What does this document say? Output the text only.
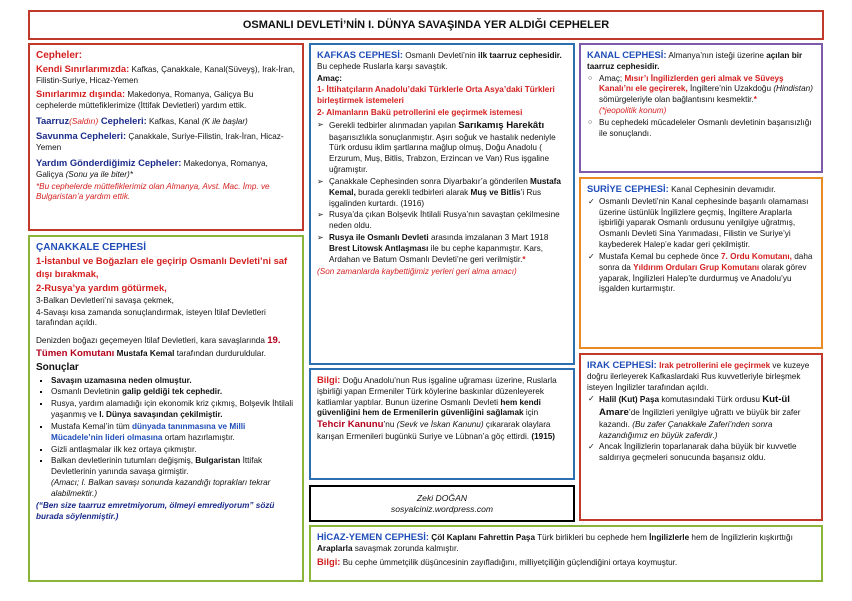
OSMANLI DEVLETİ’NİN I. DÜNYA SAVAŞINDA YER ALDIĞI CEPHELER

Cepheler:

Kendi Sınırlarımızda: Kafkas, Çanakkale, Kanal(Süveyş), Irak-İran, Filistin-Suriye, Hicaz-Yemen

Sınırlarımız dışında: Makedonya, Romanya, Galiçya Bu cephelerde müttefiklerimize (İttifak Devletleri) yardım ettik.

Taarruz(Saldırı) Cepheleri: Kafkas, Kanal (K ile başlar)

Savunma Cepheleri: Çanakkale, Suriye-Filistin, Irak-İran, Hicaz-Yemen

Yardım Gönderdiğimiz Cepheler: Makedonya, Romanya, Galiçya (Sonu ya ile biter)*

*Bu cephelerde müttefiklerimiz olan Almanya, Avst. Mac. İmp. ve Bulgaristan’a yardım ettik.

ÇANAKKALE CEPHESİ

1-İstanbul ve Boğazları ele geçirip Osmanlı Devleti’ni saf dışı bırakmak,

2-Rusya’ya yardım götürmek,

3-Balkan Devletleri’ni savaşa çekmek,

4-Savaşı kısa zamanda sonuçlandırmak, isteyen İtilaf Devletleri tarafından açıldı.

Denizden boğazı geçemeyen İtilaf Devletleri, kara savaşlarında 19. Tümen Komutanı Mustafa Kemal tarafından durduruldular.

Sonuçlar

▪ Savaşın uzamasına neden olmuştur.
▪ Osmanlı Devletinin galip geldiği tek cephedir.
▪ Rusya, yardım alamadığı için ekonomik kriz çıkmış, Bolşevik İhtilali yaşanmış ve I. Dünya savaşından çekilmiştir.
▪ Mustafa Kemal’in tüm dünyada tanınmasına ve Milli Mücadele’nin lideri olmasına ortam hazırlamıştır.
▪ Gizli antlaşmalar ilk kez ortaya çıkmıştır.
▪ Balkan devletlerinin tutumları değişmiş, Bulgaristan İttifak Devletlerinin yanında savaşa girmiştir.
(Amacı; I. Balkan savaşı sonunda kazandığı toprakları tekrar alabilmektir.)

(“Ben size taarruz emretmiyorum, ölmeyi emrediyorum” sözü burada söylenmiştir.)

KAFKAS CEPHESİ: Osmanlı Devleti’nin ilk taarruz cephesidir. Bu cephede Ruslarla karşı savaştık.

Amaç:

1- İttihatçıların Anadolu’daki Türklerle Orta Asya’daki Türkleri birleştirmek istemeleri

2- Almanların Bakü petrollerini ele geçirmek istemesi

➢ Gerekli tedbirler alınmadan yapılan Sarıkamış Harekâtı başarısızlıkla sonuçlanmıştır. Aşırı soğuk ve hastalık nedeniyle Türk ordusu iklim şartlarına mağlup olmuş, Doğu Anadolu ( Erzurum, Muş, Bitlis, Trabzon, Erzincan ve Van) Rus işgaline uğramıştır.
➢ Çanakkale Cephesinden sonra Diyarbakır’a gönderilen Mustafa Kemal, burada gerekli tedbirleri alarak Muş ve Bitlis’i Rus işgalinden kurtardı. (1916)
➢ Rusya’da çıkan Bolşevik İhtilali Rusya’nın savaştan çekilmesine neden oldu.
➢ Rusya ile Osmanlı Devleti arasında imzalanan 3 Mart 1918 Brest Litowsk Antlaşması ile bu cephe kapanmıştır. Kars, Ardahan ve Batum Osmanlı Devleti’ne geri verilmiştir.*

(Son zamanlarda kaybettiğimiz yerleri geri alma amacı)

Bilgi: Doğu Anadolu’nun Rus işgaline uğraması üzerine, Ruslarla işbirliği yapan Ermeniler Türk köylerine baskınlar düzenleyerek katliamlar yaptılar. Bunun üzerine Osmanlı Devleti hem kendi güvenliğini hem de Ermenilerin güvenliğini sağlamak için Tehcir Kanunu’nu (Sevk ve İskan Kanunu) çıkararak olaylara karışan Ermenileri bugünkü Suriye ve Lübnan’a göç ettirdi. (1915)

Zeki DOĞAN
sosyalciniz.wordpress.com

HİCAZ-YEMEN CEPHESİ: Çöl Kaplanı Fahrettin Paşa Türk birlikleri bu cephede hem İngilizlerle hem de İngilizlerin kışkırttığı Araplarla savaşmak zorunda kalmıştır.

Bilgi: Bu cephe ümmetçilik düşüncesinin zayıfladığını, milliyetçiliğin güçlendiğini ortaya koymuştur.

KANAL CEPHESİ: Almanya’nın isteği üzerine açılan bir taarruz cephesidir.

○ Amaç; Mısır’ı İngilizlerden geri almak ve Süveyş Kanalı’nı ele geçirerek, İngiltere’nin Uzakdoğu (Hindistan) sömürgeleriyle olan bağlantısını kesmektir.*
(*jeopolitik konum)
○ Bu cephedeki mücadeleler Osmanlı devletinin başarısızlığı ile sonuçlandı.

SURİYE CEPHESİ: Kanal Cephesinin devamıdır.

✓ Osmanlı Devleti’nin Kanal cephesinde başarılı olamaması üzerine üstünlük İngilizlere geçmiş, İngiltere Araplarla işbirliği yaparak Osmanlı ordusunu yenilgiye uğratmış, Osmanlı Devleti Sina Yarımadası, Filistin ve Suriye’yi kaybederek Halep’e kadar geri çekilmiştir.
✓ Mustafa Kemal bu cephede önce 7. Ordu Komutanı, daha sonra da Yıldırım Orduları Grup Komutanı olarak görev yaparak, İngilizleri Halep’te durdurmuş ve Anadolu’yu işgalden kurtarmıştır.

IRAK CEPHESİ: Irak petrollerini ele geçirmek ve kuzeye doğru ilerleyerek Kafkaslardaki Rus kuvvetleriyle birleşmek isteyen İngilizler tarafından açıldı.

✓ Halil (Kut) Paşa komutasındaki Türk ordusu Kut-ül Amare’de İngilizleri yenilgiye uğrattı ve büyük bir zafer kazandı. (Bu zafer Çanakkale Zaferi’nden sonra kazandığımız en büyük zaferdir.)
✓ Ancak İngilizlerin toparlanarak daha büyük bir kuvvetle saldırıya geçmeleri sonucunda başarısız oldu.
